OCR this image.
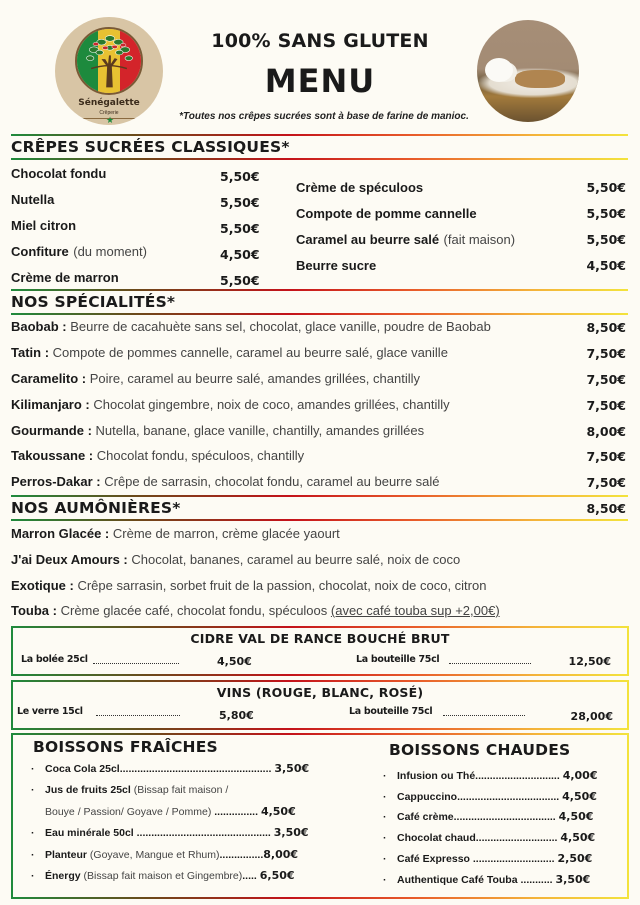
Sénégalette
Crêperie
★
100% SANS GLUTEN
MENU
*Toutes nos crêpes sucrées sont à base de farine de manioc.
CRÊPES SUCRÉES CLASSIQUES*
Chocolat fondu	5,50€
Nutella	5,50€
Miel citron	5,50€
Confiture (du moment)	4,50€
Crème de marron	5,50€
Crème de spéculoos	5,50€
Compote de pomme cannelle	5,50€
Caramel au beurre salé (fait maison)	5,50€
Beurre sucre	4,50€
NOS SPÉCIALITÉS*
Baobab : Beurre de cacahuète sans sel, chocolat, glace vanille, poudre de Baobab	8,50€
Tatin : Compote de pommes cannelle, caramel au beurre salé, glace vanille	7,50€
Caramelito : Poire, caramel au beurre salé, amandes grillées, chantilly	7,50€
Kilimanjaro : Chocolat gingembre, noix de coco, amandes grillées, chantilly	7,50€
Gourmande : Nutella, banane, glace vanille, chantilly, amandes grillées	8,00€
Takoussane : Chocolat fondu, spéculoos, chantilly	7,50€
Perros-Dakar : Crêpe de sarrasin, chocolat fondu, caramel au beurre salé	7,50€
NOS AUMÔNIÈRES*	8,50€
Marron Glacée : Crème de marron, crème glacée yaourt
J'ai Deux Amours : Chocolat, bananes, caramel au beurre salé, noix de coco
Exotique : Crêpe sarrasin, sorbet fruit de la passion, chocolat, noix de coco, citron
Touba : Crème glacée café, chocolat fondu, spéculoos (avec café touba sup +2,00€)
CIDRE VAL DE RANCE BOUCHÉ BRUT
La bolée 25cl	4,50€	La bouteille 75cl	12,50€
VINS (ROUGE, BLANC, ROSÉ)
Le verre 15cl	5,80€	La bouteille 75cl	28,00€
BOISSONS FRAÎCHES
· Coca Cola 25cl.................................................... 3,50€
· Jus de fruits 25cl (Bissap fait maison /
Bouye / Passion/ Goyave / Pomme) ............... 4,50€
· Eau minérale 50cl .............................................. 3,50€
· Planteur (Goyave, Mangue et Rhum)...............8,00€
· Énergy (Bissap fait maison et Gingembre)..... 6,50€
BOISSONS CHAUDES
· Infusion ou Thé............................. 4,00€
· Cappuccino................................... 4,50€
· Café crème................................... 4,50€
· Chocolat chaud............................ 4,50€
· Café Expresso ............................ 2,50€
· Authentique Café Touba ........... 3,50€
